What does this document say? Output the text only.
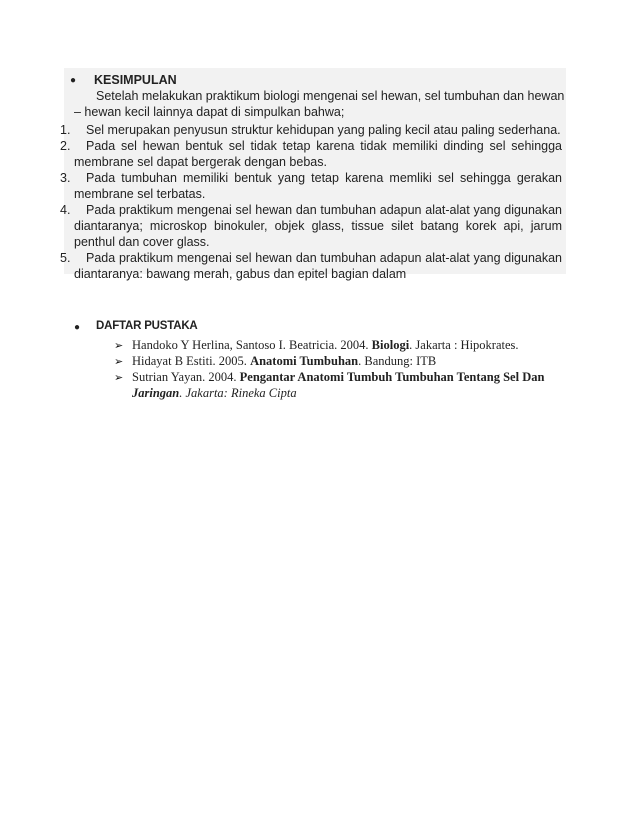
● KESIMPULAN
Setelah melakukan praktikum biologi mengenai sel hewan, sel tumbuhan dan hewan
– hewan kecil lainnya dapat di simpulkan bahwa;
1. Sel merupakan penyusun struktur kehidupan yang paling kecil atau paling sederhana.
2. Pada sel hewan bentuk sel tidak tetap karena tidak memiliki dinding sel sehingga
membrane sel dapat bergerak dengan bebas.
3. Pada tumbuhan memiliki bentuk yang tetap karena memliki sel sehingga gerakan
membrane sel terbatas.
4. Pada praktikum mengenai sel hewan dan tumbuhan adapun alat-alat yang digunakan
diantaranya; microskop binokuler, objek glass, tissue silet batang korek api, jarum
penthul dan cover glass.
5. Pada praktikum mengenai sel hewan dan tumbuhan adapun alat-alat yang digunakan
diantaranya: bawang merah, gabus dan epitel bagian dalam
● DAFTAR PUSTAKA
➢ Handoko Y Herlina, Santoso I. Beatricia. 2004. Biologi. Jakarta : Hipokrates.
➢ Hidayat B Estiti. 2005. Anatomi Tumbuhan. Bandung: ITB
➢ Sutrian Yayan. 2004. Pengantar Anatomi Tumbuh Tumbuhan Tentang Sel Dan
Jaringan. Jakarta: Rineka Cipta
